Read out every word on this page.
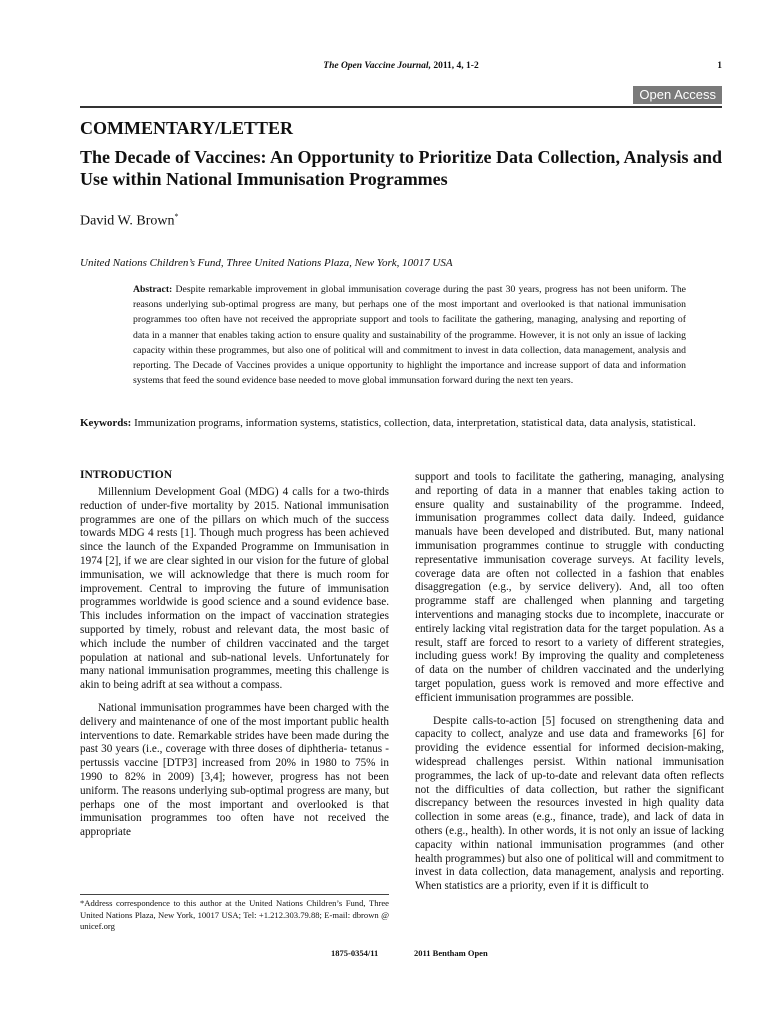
The Open Vaccine Journal, 2011, 4, 1-2	1
Open Access
COMMENTARY/LETTER
The Decade of Vaccines: An Opportunity to Prioritize Data Collection, Analysis and Use within National Immunisation Programmes
David W. Brown*
United Nations Children’s Fund, Three United Nations Plaza, New York, 10017 USA
Abstract: Despite remarkable improvement in global immunisation coverage during the past 30 years, progress has not been uniform. The reasons underlying sub-optimal progress are many, but perhaps one of the most important and overlooked is that national immunisation programmes too often have not received the appropriate support and tools to facilitate the gathering, managing, analysing and reporting of data in a manner that enables taking action to ensure quality and sustainability of the programme. However, it is not only an issue of lacking capacity within these programmes, but also one of political will and commitment to invest in data collection, data management, analysis and reporting. The Decade of Vaccines provides a unique opportunity to highlight the importance and increase support of data and information systems that feed the sound evidence base needed to move global immunsation forward during the next ten years.
Keywords: Immunization programs, information systems, statistics, collection, data, interpretation, statistical data, data analysis, statistical.
INTRODUCTION

Millennium Development Goal (MDG) 4 calls for a two-thirds reduction of under-five mortality by 2015. National immunisation programmes are one of the pillars on which much of the success towards MDG 4 rests [1]. Though much progress has been achieved since the launch of the Expanded Programme on Immunisation in 1974 [2], if we are clear sighted in our vision for the future of global immunisation, we will acknowledge that there is much room for improvement. Central to improving the future of immunisation programmes worldwide is good science and a sound evidence base. This includes information on the impact of vaccination strategies supported by timely, robust and relevant data, the most basic of which include the number of children vaccinated and the target population at national and sub-national levels. Unfortunately for many national immunisation programmes, meeting this challenge is akin to being adrift at sea without a compass.

National immunisation programmes have been charged with the delivery and maintenance of one of the most important public health interventions to date. Remarkable strides have been made during the past 30 years (i.e., coverage with three doses of diphtheria- tetanus -pertussis vaccine [DTP3] increased from 20% in 1980 to 75% in 1990 to 82% in 2009) [3,4]; however, progress has not been uniform. The reasons underlying sub-optimal progress are many, but perhaps one of the most important and overlooked is that immunisation programmes too often have not received the appropriate

support and tools to facilitate the gathering, managing, analysing and reporting of data in a manner that enables taking action to ensure quality and sustainability of the programme. Indeed, immunisation programmes collect data daily. Indeed, guidance manuals have been developed and distributed. But, many national immunisation programmes continue to struggle with conducting representative immunisation coverage surveys. At facility levels, coverage data are often not collected in a fashion that enables disaggregation (e.g., by service delivery). And, all too often programme staff are challenged when planning and targeting interventions and managing stocks due to incomplete, inaccurate or entirely lacking vital registration data for the target population. As a result, staff are forced to resort to a variety of different strategies, including guess work! By improving the quality and completeness of data on the number of children vaccinated and the underlying target population, guess work is removed and more effective and efficient immunisation programmes are possible.

Despite calls-to-action [5] focused on strengthening data and capacity to collect, analyze and use data and frameworks [6] for providing the evidence essential for informed decision-making, widespread challenges persist. Within national immunisation programmes, the lack of up-to-date and relevant data often reflects not the difficulties of data collection, but rather the significant discrepancy between the resources invested in high quality data collection in some areas (e.g., finance, trade), and lack of data in others (e.g., health). In other words, it is not only an issue of lacking capacity within national immunisation programmes (and other health programmes) but also one of political will and commitment to invest in data collection, data management, analysis and reporting. When statistics are a priority, even if it is difficult to

*Address correspondence to this author at the United Nations Children’s Fund, Three United Nations Plaza, New York, 10017 USA; Tel: +1.212.303.79.88; E-mail: dbrown @ unicef.org
1875-0354/11	2011 Bentham Open
